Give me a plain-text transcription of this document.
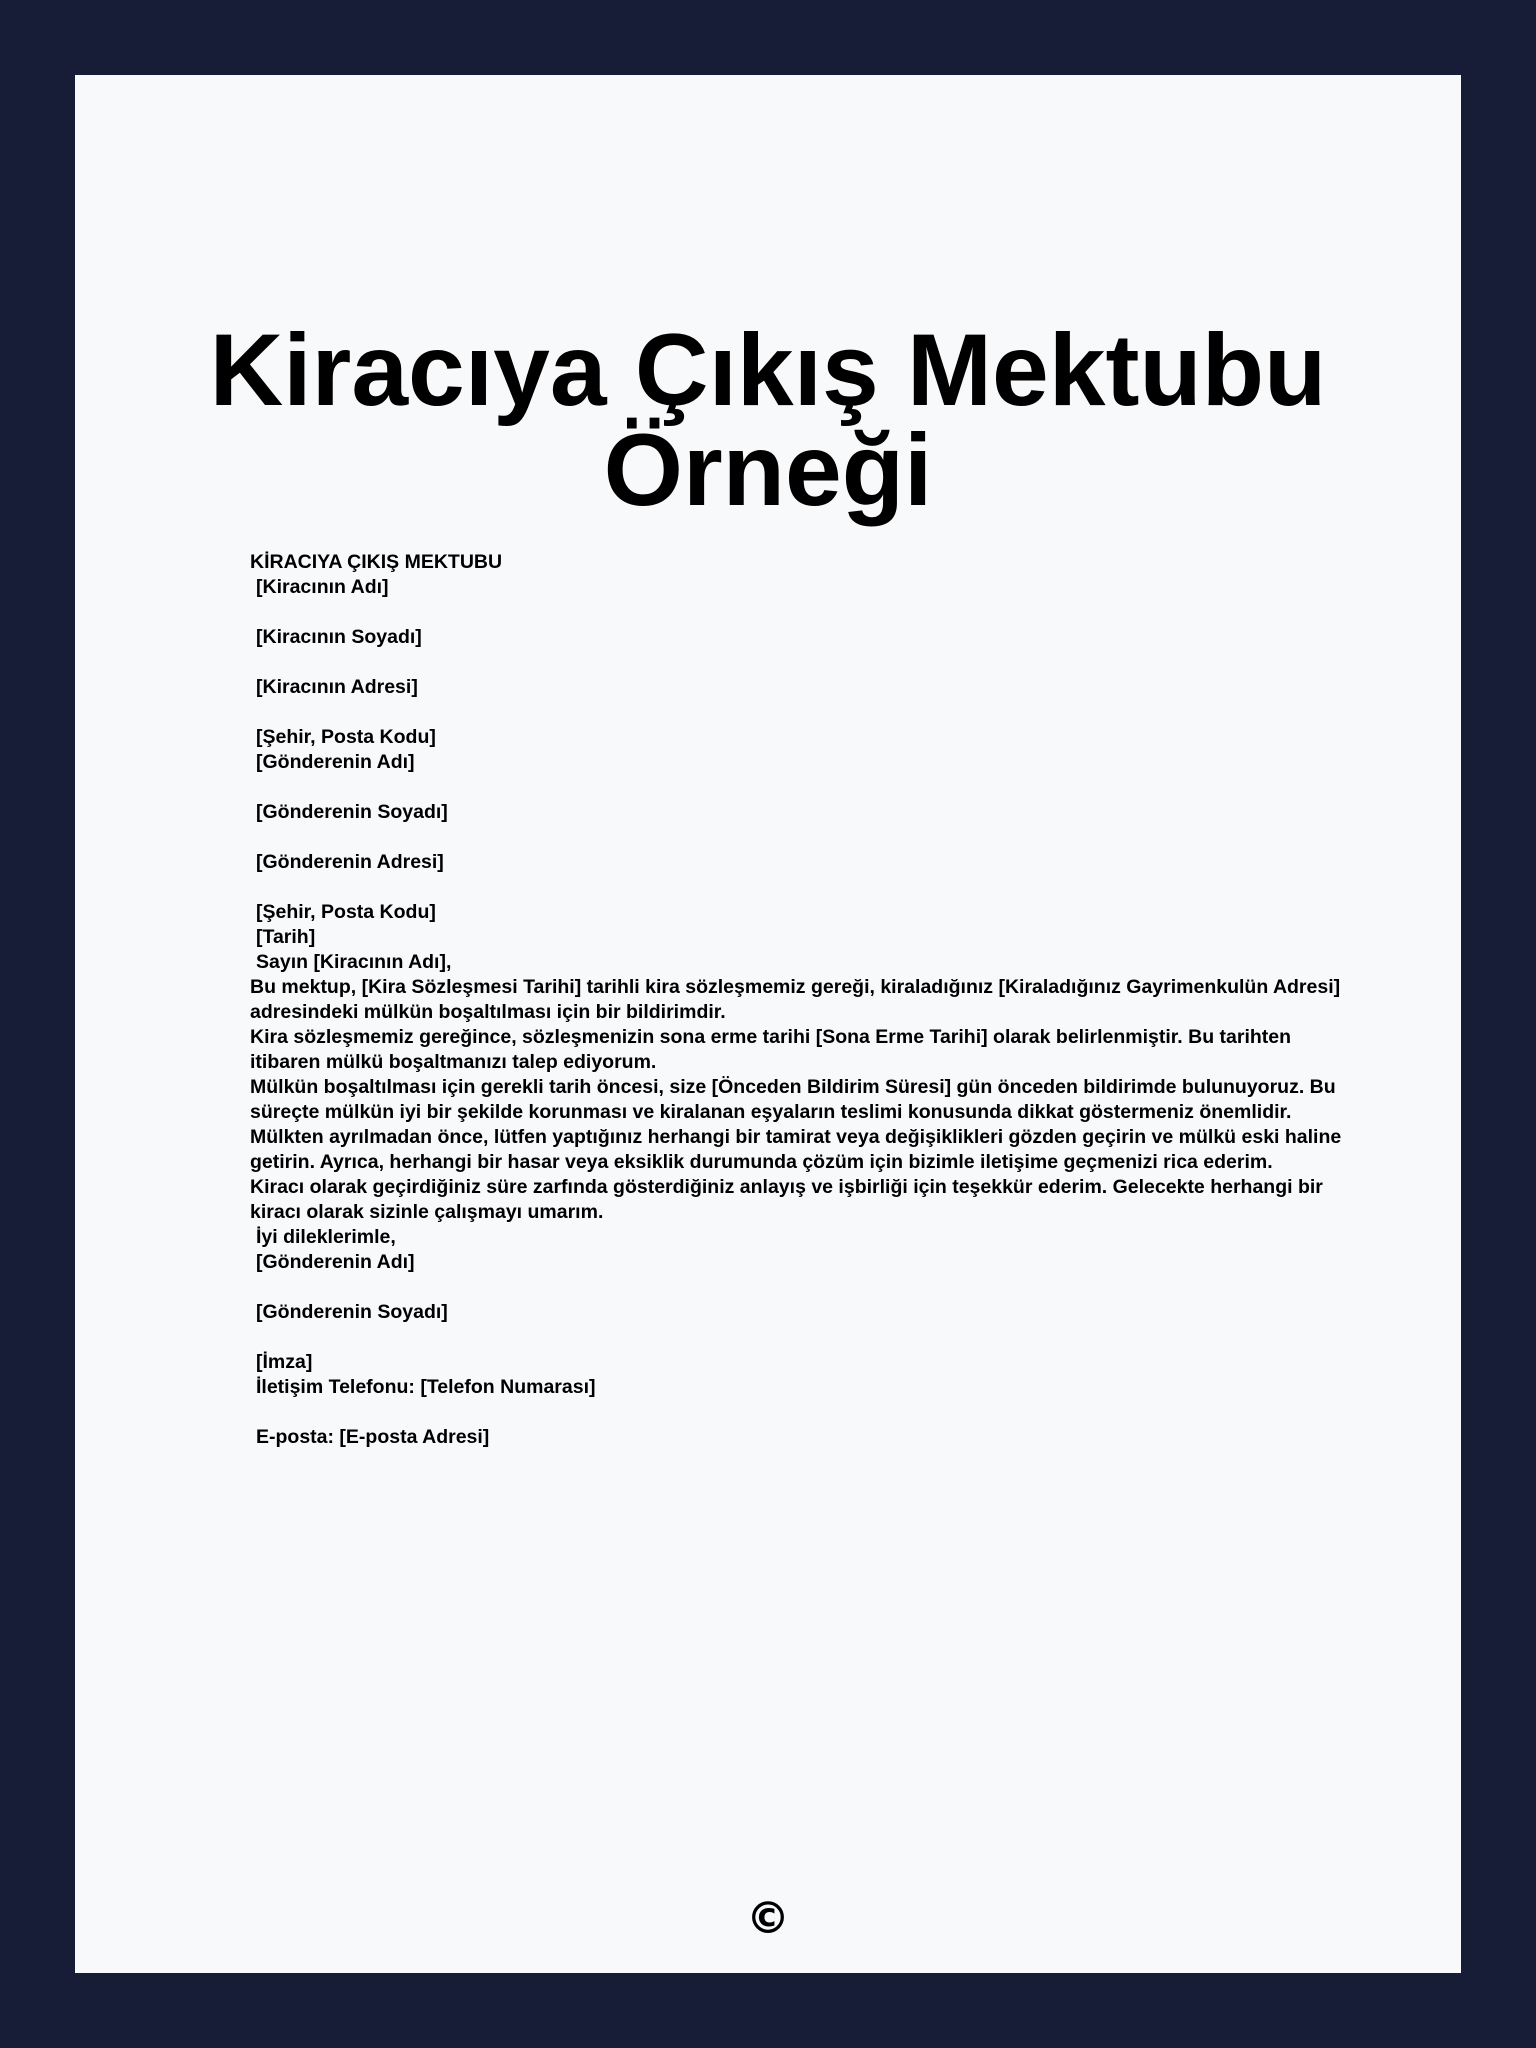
Kiracıya Çıkış Mektubu
Örneği
KİRACIYA ÇIKIŞ MEKTUBU
[Kiracının Adı]
[Kiracının Soyadı]
[Kiracının Adresi]
[Şehir, Posta Kodu]
[Gönderenin Adı]
[Gönderenin Soyadı]
[Gönderenin Adresi]
[Şehir, Posta Kodu]
[Tarih]
Sayın [Kiracının Adı],
Bu mektup, [Kira Sözleşmesi Tarihi] tarihli kira sözleşmemiz gereği, kiraladığınız [Kiraladığınız Gayrimenkulün Adresi] adresindeki mülkün boşaltılması için bir bildirimdir.
Kira sözleşmemiz gereğince, sözleşmenizin sona erme tarihi [Sona Erme Tarihi] olarak belirlenmiştir. Bu tarihten itibaren mülkü boşaltmanızı talep ediyorum.
Mülkün boşaltılması için gerekli tarih öncesi, size [Önceden Bildirim Süresi] gün önceden bildirimde bulunuyoruz. Bu süreçte mülkün iyi bir şekilde korunması ve kiralanan eşyaların teslimi konusunda dikkat göstermeniz önemlidir.
Mülkten ayrılmadan önce, lütfen yaptığınız herhangi bir tamirat veya değişiklikleri gözden geçirin ve mülkü eski haline getirin. Ayrıca, herhangi bir hasar veya eksiklik durumunda çözüm için bizimle iletişime geçmenizi rica ederim.
Kiracı olarak geçirdiğiniz süre zarfında gösterdiğiniz anlayış ve işbirliği için teşekkür ederim. Gelecekte herhangi bir kiracı olarak sizinle çalışmayı umarım.
İyi dileklerimle,
[Gönderenin Adı]
[Gönderenin Soyadı]
[İmza]
İletişim Telefonu: [Telefon Numarası]
E-posta: [E-posta Adresi]
©
